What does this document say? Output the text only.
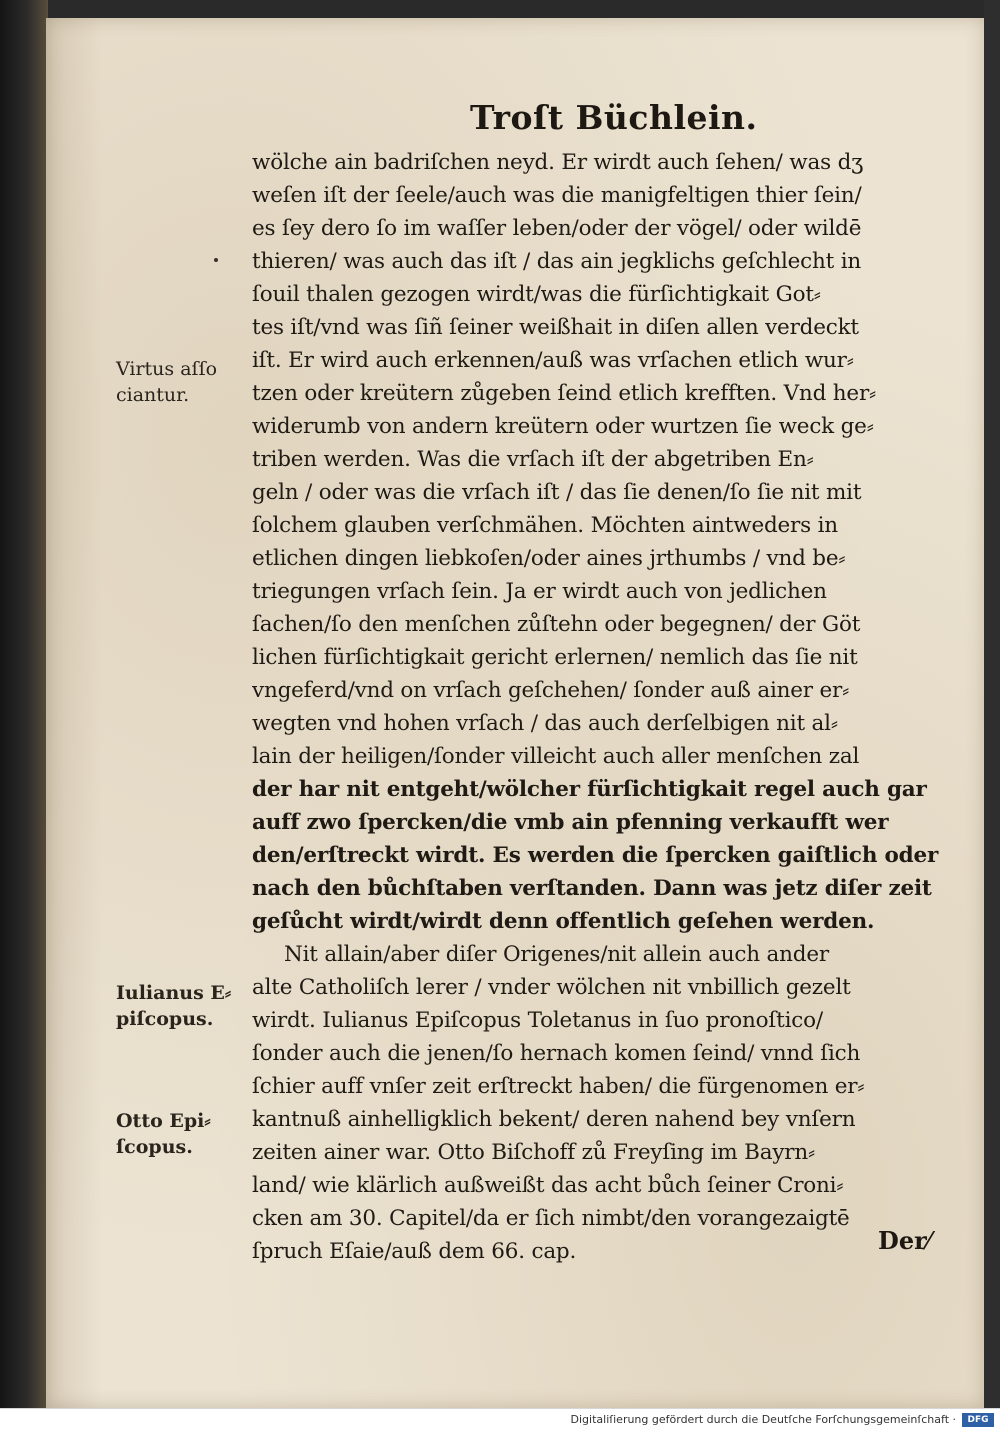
Troſt Büchlein.
Virtus aſſo
ciantur.
Iulianus E⸗
piſcopus.
Otto Epi⸗
ſcopus.
wölche ain badriſchen neyd. Er wirdt auch ſehen/ was dʒ
weſen iſt der ſeele/auch was die manigfeltigen thier ſein/
es ſey dero ſo im waſſer leben/oder der vögel/ oder wildē
thieren/ was auch das iſt / das ain jegklichs geſchlecht in
ſouil thalen gezogen wirdt/was die fürſichtigkait Got⸗
tes iſt/vnd was ſiñ ſeiner weißhait in diſen allen verdeckt
iſt. Er wird auch erkennen/auß was vrſachen etlich wur⸗
tzen oder kreütern zůgeben ſeind etlich krefften. Vnd her⸗
widerumb von andern kreütern oder wurtzen ſie weck ge⸗
triben werden. Was die vrſach iſt der abgetriben En⸗
geln / oder was die vrſach iſt / das ſie denen/ſo ſie nit mit
ſolchem glauben verſchmähen. Möchten aintweders in
etlichen dingen liebkoſen/oder aines jrthumbs / vnd be⸗
triegungen vrſach ſein. Ja er wirdt auch von jedlichen
ſachen/ſo den menſchen zůſtehn oder begegnen/ der Göt
lichen fürſichtigkait gericht erlernen/ nemlich das ſie nit
vngeferd/vnd on vrſach geſchehen/ ſonder auß ainer er⸗
wegten vnd hohen vrſach / das auch derſelbigen nit al⸗
lain der heiligen/ſonder villeicht auch aller menſchen zal
der har nit entgeht/wölcher fürſichtigkait regel auch gar
auff zwo ſpercken/die vmb ain pfenning verkaufft wer
den/erſtreckt wirdt. Es werden die ſpercken gaiſtlich oder
nach den bůchſtaben verſtanden. Dann was jetz diſer zeit
geſůcht wirdt/wirdt denn offentlich geſehen werden.
Nit allain/aber diſer Origenes/nit allein auch ander
alte Catholiſch lerer / vnder wölchen nit vnbillich gezelt
wirdt. Iulianus Epiſcopus Toletanus in ſuo pronoſtico/
ſonder auch die jenen/ſo hernach komen ſeind/ vnnd ſich
ſchier auff vnſer zeit erſtreckt haben/ die fürgenomen er⸗
kantnuß ainhelligklich bekent/ deren nahend bey vnſern
zeiten ainer war. Otto Biſchoff zů Freyſing im Bayrn⸗
land/ wie klärlich außweißt das acht bůch ſeiner Croni⸗
cken am 30. Capitel/da er ſich nimbt/den vorangezaigtē
ſpruch Eſaie/auß dem 66. cap.	Der⁄
Digitaliſierung gefördert durch die Deutſche Forſchungsgemeinſchaft ·	DFG
